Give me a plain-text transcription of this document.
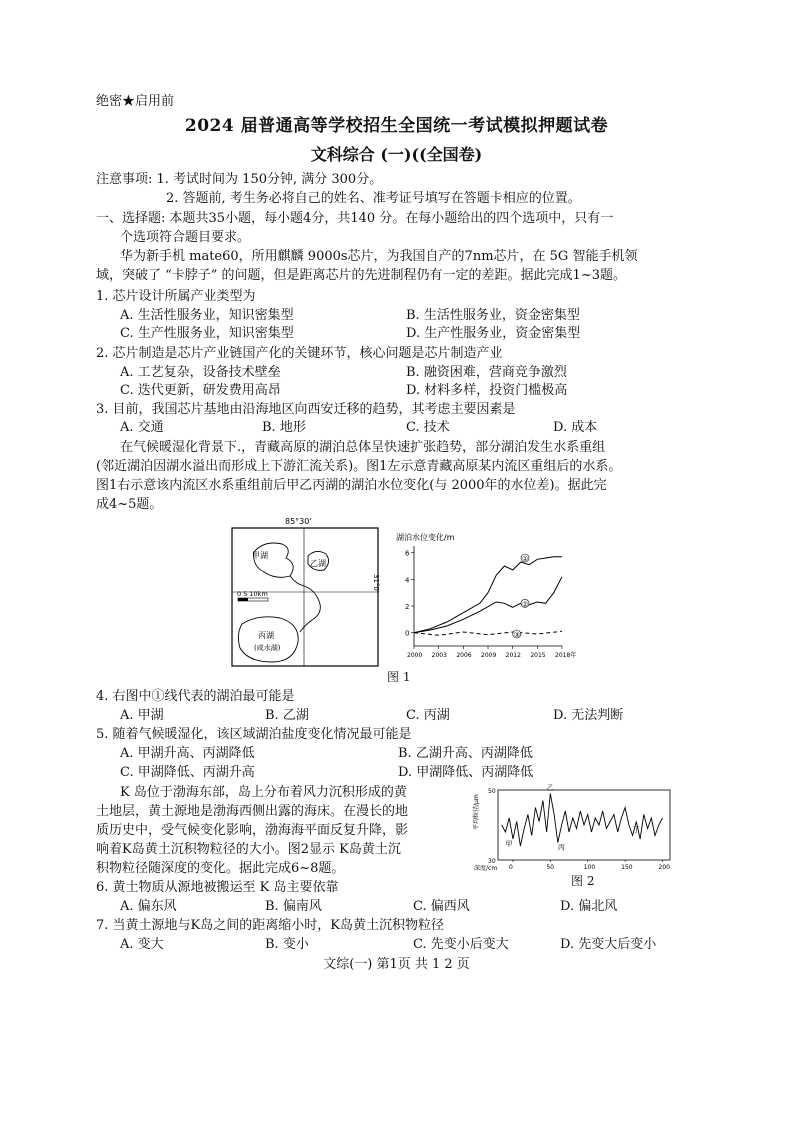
绝密★启用前
2024 届普通高等学校招生全国统一考试模拟押题试卷
文科综合 (一)((全国卷)
注意事项: 1. 考试时间为 150分钟, 满分 300分。
2. 答题前, 考生务必将自己的姓名、准考证号填写在答题卡相应的位置。
一、选择题: 本题共35小题，每小题4分，共140 分。在每小题给出的四个选项中，只有一
个选项符合题目要求。
华为新手机 mate60，所用麒麟 9000s芯片，为我国自产的7nm芯片，在 5G 智能手机领
域，突破了 “卡脖子” 的问题，但是距离芯片的先进制程仍有一定的差距。据此完成1~3题。
1. 芯片设计所属产业类型为
A. 生活性服务业，知识密集型	B. 生活性服务业，资金密集型
C. 生产性服务业，知识密集型	D. 生产性服务业，资金密集型
2. 芯片制造是芯片产业链国产化的关键环节，核心问题是芯片制造产业
A. 工艺复杂，设备技术壁垒	B. 融资困难，营商竞争激烈
C. 迭代更新，研发费用高昂	D. 材料多样，投资门槛极高
3. 目前，我国芯片基地由沿海地区向西安迁移的趋势，其考虑主要因素是
A. 交通	B. 地形	C. 技术	D. 成本
在气候暖湿化背景下.，青藏高原的湖泊总体呈快速扩张趋势，部分湖泊发生水系重组
(邻近湖泊因湖水溢出而形成上下游汇流关系)。图1左示意青藏高原某内流区重组后的水系。
图1右示意该内流区水系重组前后甲乙丙湖的湖泊水位变化(与 2000年的水位差)。据此完
成4~5题。
85°30'
31°0'
甲湖
乙湖
丙湖
(咸水湖)
0 5 10km
湖泊水位变化/m
0
2
4
6
2000 2003 2006 2009 2012 2015 2018年
①
②
③
图 1
4. 右图中①线代表的湖泊最可能是
A. 甲湖	B. 乙湖	C. 丙湖	D. 无法判断
5. 随着气候暖湿化，该区域湖泊盐度变化情况最可能是
A. 甲湖升高、丙湖降低	B. 乙湖升高、丙湖降低
C. 甲湖降低、丙湖升高	D. 甲湖降低、丙湖降低
K 岛位于渤海东部，岛上分布着风力沉积形成的黄
土地层，黄土源地是渤海西侧出露的海床。在漫长的地
质历史中，受气候变化影响，渤海海平面反复升降，影
响着K岛黄土沉积物粒径的大小。图2显示 K岛黄土沉
积物粒径随深度的变化。据此完成6~8题。
平均粒径/μm
深度/cm
30
50
0	50	100	150	200
甲
乙
丙
丁
图 2
6. 黄土物质从源地被搬运至 K 岛主要依靠
A. 偏东风	B. 偏南风	C. 偏西风	D. 偏北风
7. 当黄土源地与K岛之间的距离缩小时，K岛黄土沉积物粒径
A. 变大	B. 变小	C. 先变小后变大	D. 先变大后变小
文综(一) 第1页 共 1 2 页
